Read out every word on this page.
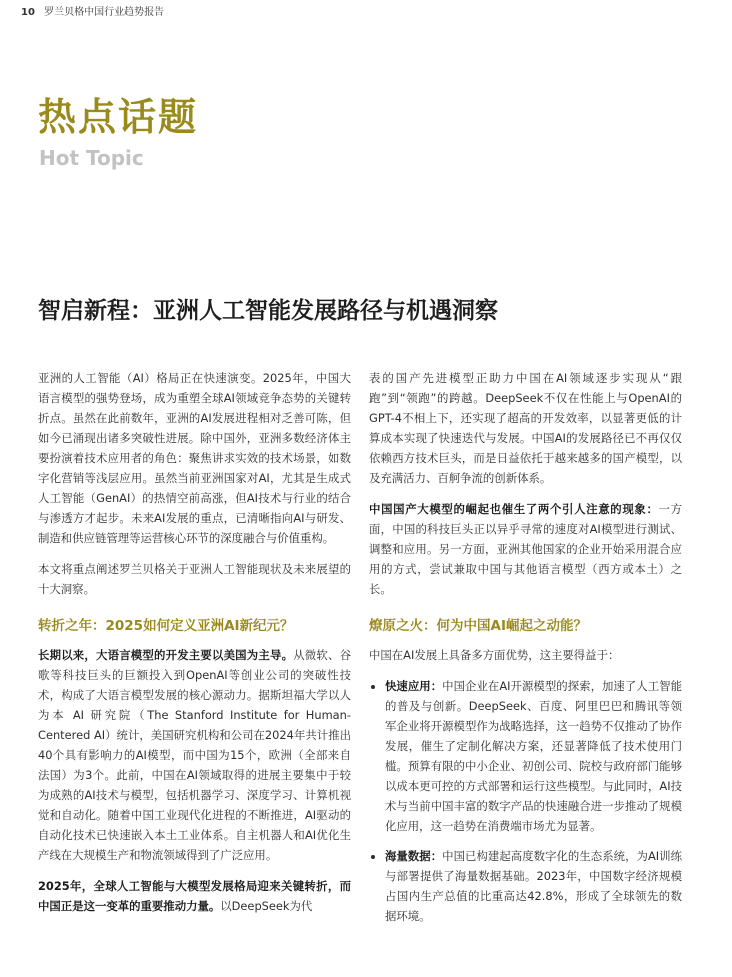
10 罗兰贝格中国行业趋势报告
热点话题
Hot Topic
智启新程：亚洲人工智能发展路径与机遇洞察

亚洲的人工智能（AI）格局正在快速演变。2025年，中国大语言模型的强势登场，成为重塑全球AI领域竞争态势的关键转折点。虽然在此前数年，亚洲的AI发展进程相对乏善可陈，但如今已涌现出诸多突破性进展。除中国外，亚洲多数经济体主要扮演着技术应用者的角色：聚焦讲求实效的技术场景，如数字化营销等浅层应用。虽然当前亚洲国家对AI，尤其是生成式人工智能（GenAI）的热情空前高涨，但AI技术与行业的结合与渗透方才起步。未来AI发展的重点，已清晰指向AI与研发、制造和供应链管理等运营核心环节的深度融合与价值重构。

本文将重点阐述罗兰贝格关于亚洲人工智能现状及未来展望的十大洞察。

转折之年：2025如何定义亚洲AI新纪元？

长期以来，大语言模型的开发主要以美国为主导。从微软、谷歌等科技巨头的巨额投入到OpenAI等创业公司的突破性技术，构成了大语言模型发展的核心源动力。据斯坦福大学以人为本 AI 研究院（The Stanford Institute for Human-Centered AI）统计，美国研究机构和公司在2024年共计推出40个具有影响力的AI模型，而中国为15个，欧洲（全部来自法国）为3个。此前，中国在AI领域取得的进展主要集中于较为成熟的AI技术与模型，包括机器学习、深度学习、计算机视觉和自动化。随着中国工业现代化进程的不断推进，AI驱动的自动化技术已快速嵌入本土工业体系。自主机器人和AI优化生产线在大规模生产和物流领域得到了广泛应用。

2025年，全球人工智能与大模型发展格局迎来关键转折，而中国正是这一变革的重要推动力量。以DeepSeek为代

表的国产先进模型正助力中国在AI领域逐步实现从“跟跑”到“领跑”的跨越。DeepSeek不仅在性能上与OpenAI的GPT-4不相上下，还实现了超高的开发效率，以显著更低的计算成本实现了快速迭代与发展。中国AI的发展路径已不再仅仅依赖西方技术巨头，而是日益依托于越来越多的国产模型，以及充满活力、百舸争流的创新体系。

中国国产大模型的崛起也催生了两个引人注意的现象：一方面，中国的科技巨头正以异乎寻常的速度对AI模型进行测试、调整和应用。另一方面，亚洲其他国家的企业开始采用混合应用的方式，尝试兼取中国与其他语言模型（西方或本土）之长。

燎原之火：何为中国AI崛起之动能？

中国在AI发展上具备多方面优势，这主要得益于：

• 快速应用：中国企业在AI开源模型的探索，加速了人工智能的普及与创新。DeepSeek、百度、阿里巴巴和腾讯等领军企业将开源模型作为战略选择，这一趋势不仅推动了协作发展，催生了定制化解决方案，还显著降低了技术使用门槛。预算有限的中小企业、初创公司、院校与政府部门能够以成本更可控的方式部署和运行这些模型。与此同时，AI技术与当前中国丰富的数字产品的快速融合进一步推动了规模化应用，这一趋势在消费端市场尤为显著。
• 海量数据：中国已构建起高度数字化的生态系统，为AI训练与部署提供了海量数据基础。2023年，中国数字经济规模占国内生产总值的比重高达42.8%，形成了全球领先的数据环境。
